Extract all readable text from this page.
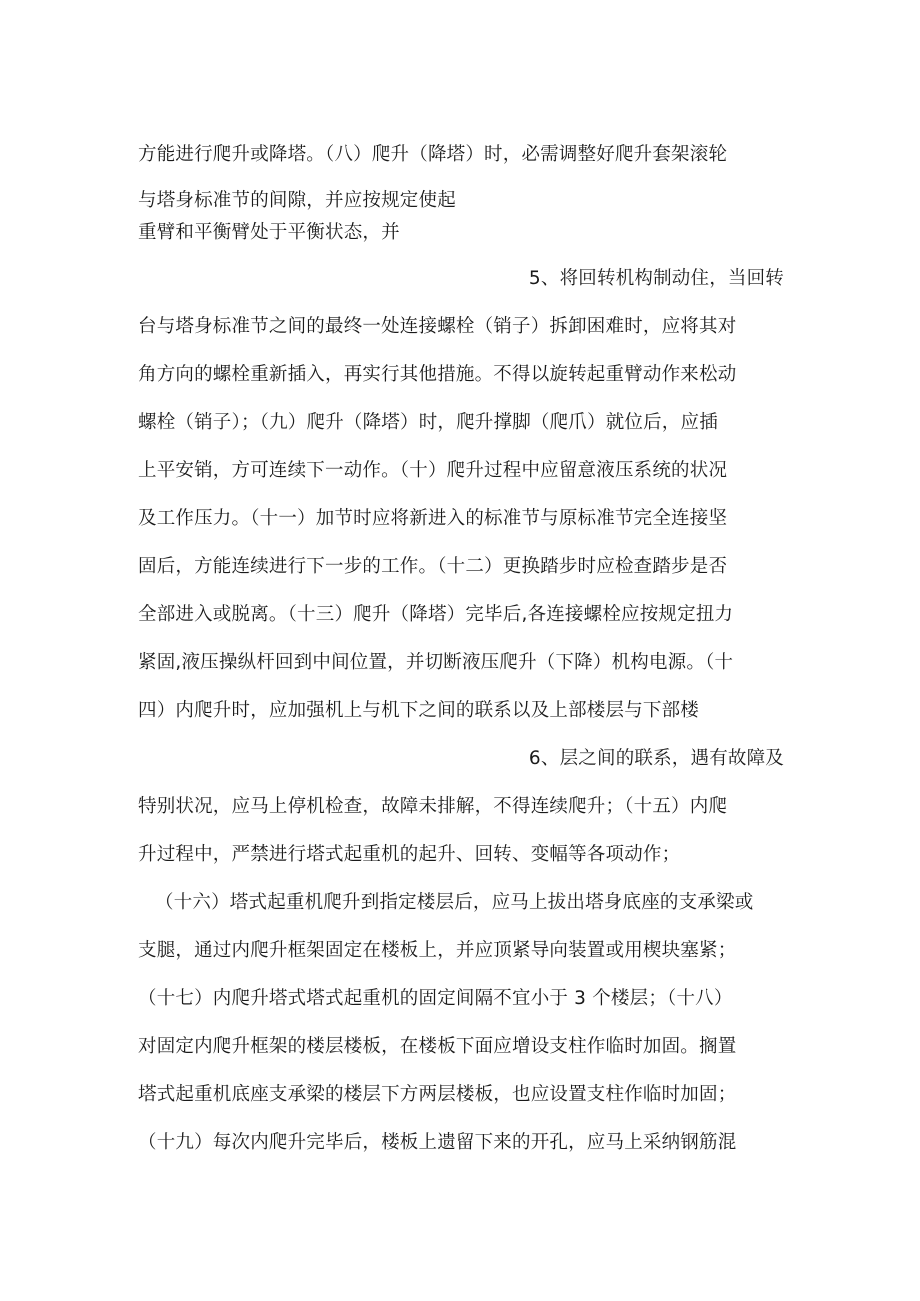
方能进行爬升或降塔。（八）爬升（降塔）时，必需调整好爬升套架滚轮
与塔身标准节的间隙，并应按规定使起
重臂和平衡臂处于平衡状态，并
5、将回转机构制动住，当回转
台与塔身标准节之间的最终一处连接螺栓（销子）拆卸困难时，应将其对
角方向的螺栓重新插入，再实行其他措施。不得以旋转起重臂动作来松动
螺栓（销子）；（九）爬升（降塔）时，爬升撑脚（爬爪）就位后，应插
上平安销，方可连续下一动作。（十）爬升过程中应留意液压系统的状况
及工作压力。（十一）加节时应将新进入的标准节与原标准节完全连接坚
固后，方能连续进行下一步的工作。（十二）更换踏步时应检查踏步是否
全部进入或脱离。（十三）爬升（降塔）完毕后,各连接螺栓应按规定扭力
紧固,液压操纵杆回到中间位置，并切断液压爬升（下降）机构电源。（十
四）内爬升时，应加强机上与机下之间的联系以及上部楼层与下部楼
6、层之间的联系，遇有故障及
特别状况，应马上停机检查，故障未排解，不得连续爬升；（十五）内爬
升过程中，严禁进行塔式起重机的起升、回转、变幅等各项动作；
（十六）塔式起重机爬升到指定楼层后，应马上拔出塔身底座的支承梁或
支腿，通过内爬升框架固定在楼板上，并应顶紧导向装置或用楔块塞紧；
（十七）内爬升塔式塔式起重机的固定间隔不宜小于 3 个楼层；（十八）
对固定内爬升框架的楼层楼板，在楼板下面应增设支柱作临时加固。搁置
塔式起重机底座支承梁的楼层下方两层楼板，也应设置支柱作临时加固；
（十九）每次内爬升完毕后，楼板上遗留下来的开孔，应马上采纳钢筋混
